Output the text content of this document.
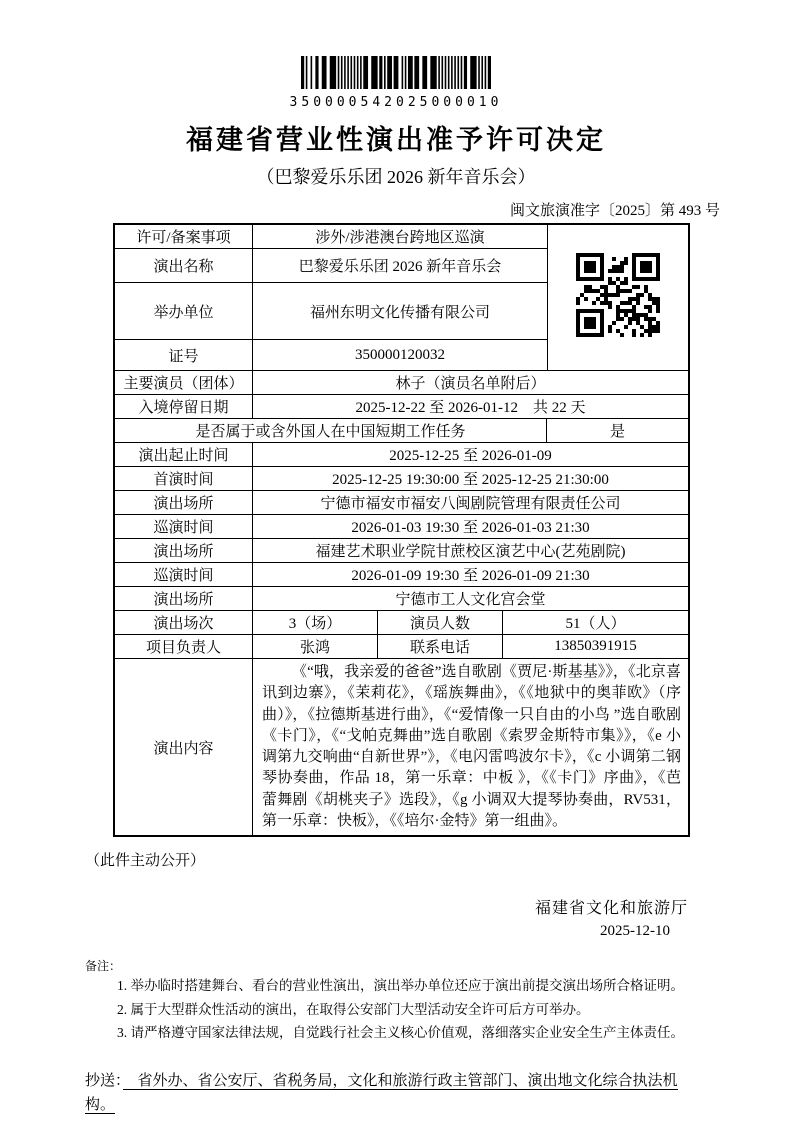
350000542025000010
福建省营业性演出准予许可决定
（巴黎爱乐乐团 2026 新年音乐会）
闽文旅演准字〔2025〕第 493 号
许可/备案事项	涉外/涉港澳台跨地区巡演
演出名称	巴黎爱乐乐团 2026 新年音乐会
举办单位	福州东明文化传播有限公司
证号	350000120032
主要演员（团体）	林子（演员名单附后）
入境停留日期	2025-12-22 至 2026-01-12　共 22 天
是否属于或含外国人在中国短期工作任务	是
演出起止时间	2025-12-25 至 2026-01-09
首演时间	2025-12-25 19:30:00 至 2025-12-25 21:30:00
演出场所	宁德市福安市福安八闽剧院管理有限责任公司
巡演时间	2026-01-03 19:30 至 2026-01-03 21:30
演出场所	福建艺术职业学院甘蔗校区演艺中心(艺苑剧院)
巡演时间	2026-01-09 19:30 至 2026-01-09 21:30
演出场所	宁德市工人文化宫会堂
演出场次	3（场）	演员人数	51（人）
项目负责人	张鸿	联系电话	13850391915
演出内容
《“哦，我亲爱的爸爸”选自歌剧《贾尼·斯基基》》，《北京喜讯到边寨》，《茉莉花》，《瑶族舞曲》，《《地狱中的奥菲欧》（序曲）》，《拉德斯基进行曲》，《“爱情像一只自由的小鸟 ”选自歌剧《卡门》，《“戈帕克舞曲”选自歌剧《索罗金斯特市集》》，《e 小调第九交响曲“自新世界”》，《电闪雷鸣波尔卡》，《c 小调第二钢琴协奏曲，作品 18，第一乐章：中板 》，《《卡门》序曲》，《芭蕾舞剧《胡桃夹子》选段》，《g 小调双大提琴协奏曲，RV531，第一乐章：快板》，《《培尔·金特》第一组曲》。
（此件主动公开）
福建省文化和旅游厅
2025-12-10
备注：
1. 举办临时搭建舞台、看台的营业性演出，演出举办单位还应于演出前提交演出场所合格证明。
2. 属于大型群众性活动的演出，在取得公安部门大型活动安全许可后方可举办。
3. 请严格遵守国家法律法规，自觉践行社会主义核心价值观，落细落实企业安全生产主体责任。
抄送：　省外办、省公安厅、省税务局，文化和旅游行政主管部门、演出地文化综合执法机构。
